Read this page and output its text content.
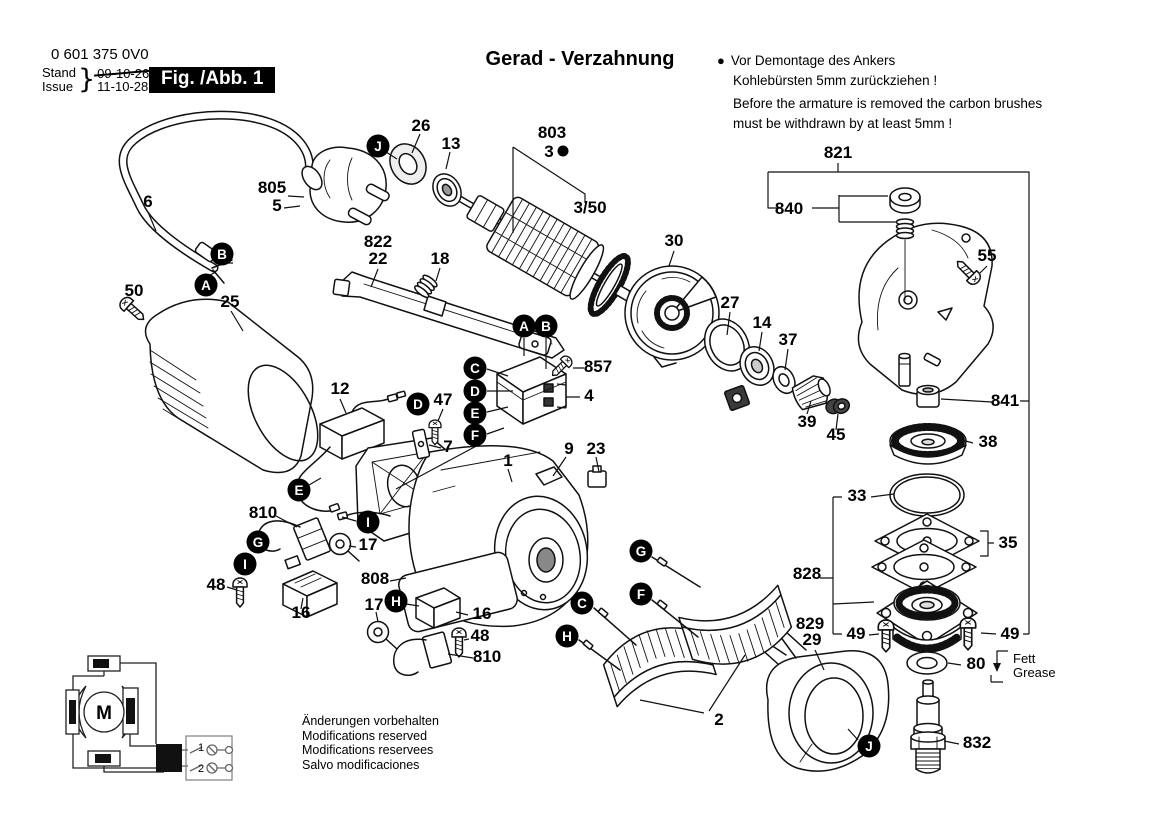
0 601 375 0V0
Stand
Issue } 11-10-28 Fig. /Abb. 1
Gerad - Verzahnung	● Vor Demontage des Ankers
Kohlebürsten 5mm zurückziehen !
Before the armature is removed the carbon brushes
must be withdrawn by at least 5mm !
Änderungen vorbehalten
Modifications reserved
Modifications reservees
Salvo modificaciones
Fett
Grease
M
1
2
26
13
803
3
3/50
805
5
6
50
25
822
22	18
30
27
14
37
39
45
821
840
55
841
38
33
35
828
829
29 49	49
80
832
857
4
12
47
7
1
9 23
810
17
48	808
16	17	16
48
810
2
J
B
A
A B
C
D
E
F
D
E
I
G
I
H
G
F
C
H
J
